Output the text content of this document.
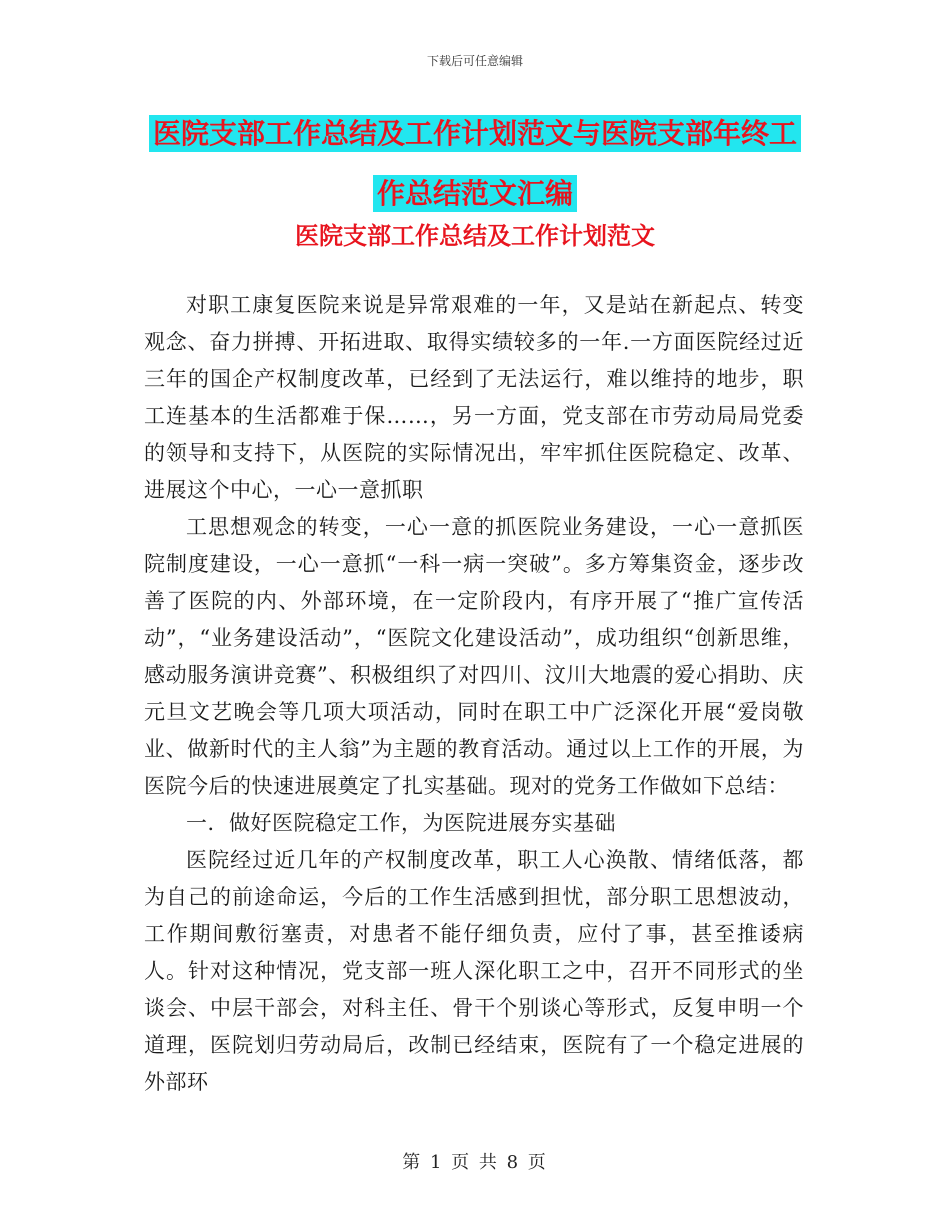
下载后可任意编辑
医院支部工作总结及工作计划范文与医院支部年终工
作总结范文汇编
医院支部工作总结及工作计划范文

对职工康复医院来说是异常艰难的一年，又是站在新起点、转变观念、奋力拼搏、开拓进取、取得实绩较多的一年.一方面医院经过近三年的国企产权制度改革，已经到了无法运行，难以维持的地步，职工连基本的生活都难于保……，另一方面，党支部在市劳动局局党委的领导和支持下，从医院的实际情况出，牢牢抓住医院稳定、改革、进展这个中心，一心一意抓职

工思想观念的转变，一心一意的抓医院业务建设，一心一意抓医院制度建设，一心一意抓“一科一病一突破”。多方筹集资金，逐步改善了医院的内、外部环境，在一定阶段内，有序开展了“推广宣传活动”，“业务建设活动”，“医院文化建设活动”，成功组织“创新思维，感动服务演讲竞赛”、积极组织了对四川、汶川大地震的爱心捐助、庆元旦文艺晚会等几项大项活动，同时在职工中广泛深化开展“爱岗敬业、做新时代的主人翁”为主题的教育活动。通过以上工作的开展，为医院今后的快速进展奠定了扎实基础。现对的党务工作做如下总结：

一．做好医院稳定工作，为医院进展夯实基础

医院经过近几年的产权制度改革，职工人心涣散、情绪低落，都为自己的前途命运，今后的工作生活感到担忧，部分职工思想波动，工作期间敷衍塞责，对患者不能仔细负责，应付了事，甚至推诿病人。针对这种情况，党支部一班人深化职工之中，召开不同形式的坐谈会、中层干部会，对科主任、骨干个别谈心等形式，反复申明一个道理，医院划归劳动局后，改制已经结束，医院有了一个稳定进展的外部环

第 1 页 共 8 页
